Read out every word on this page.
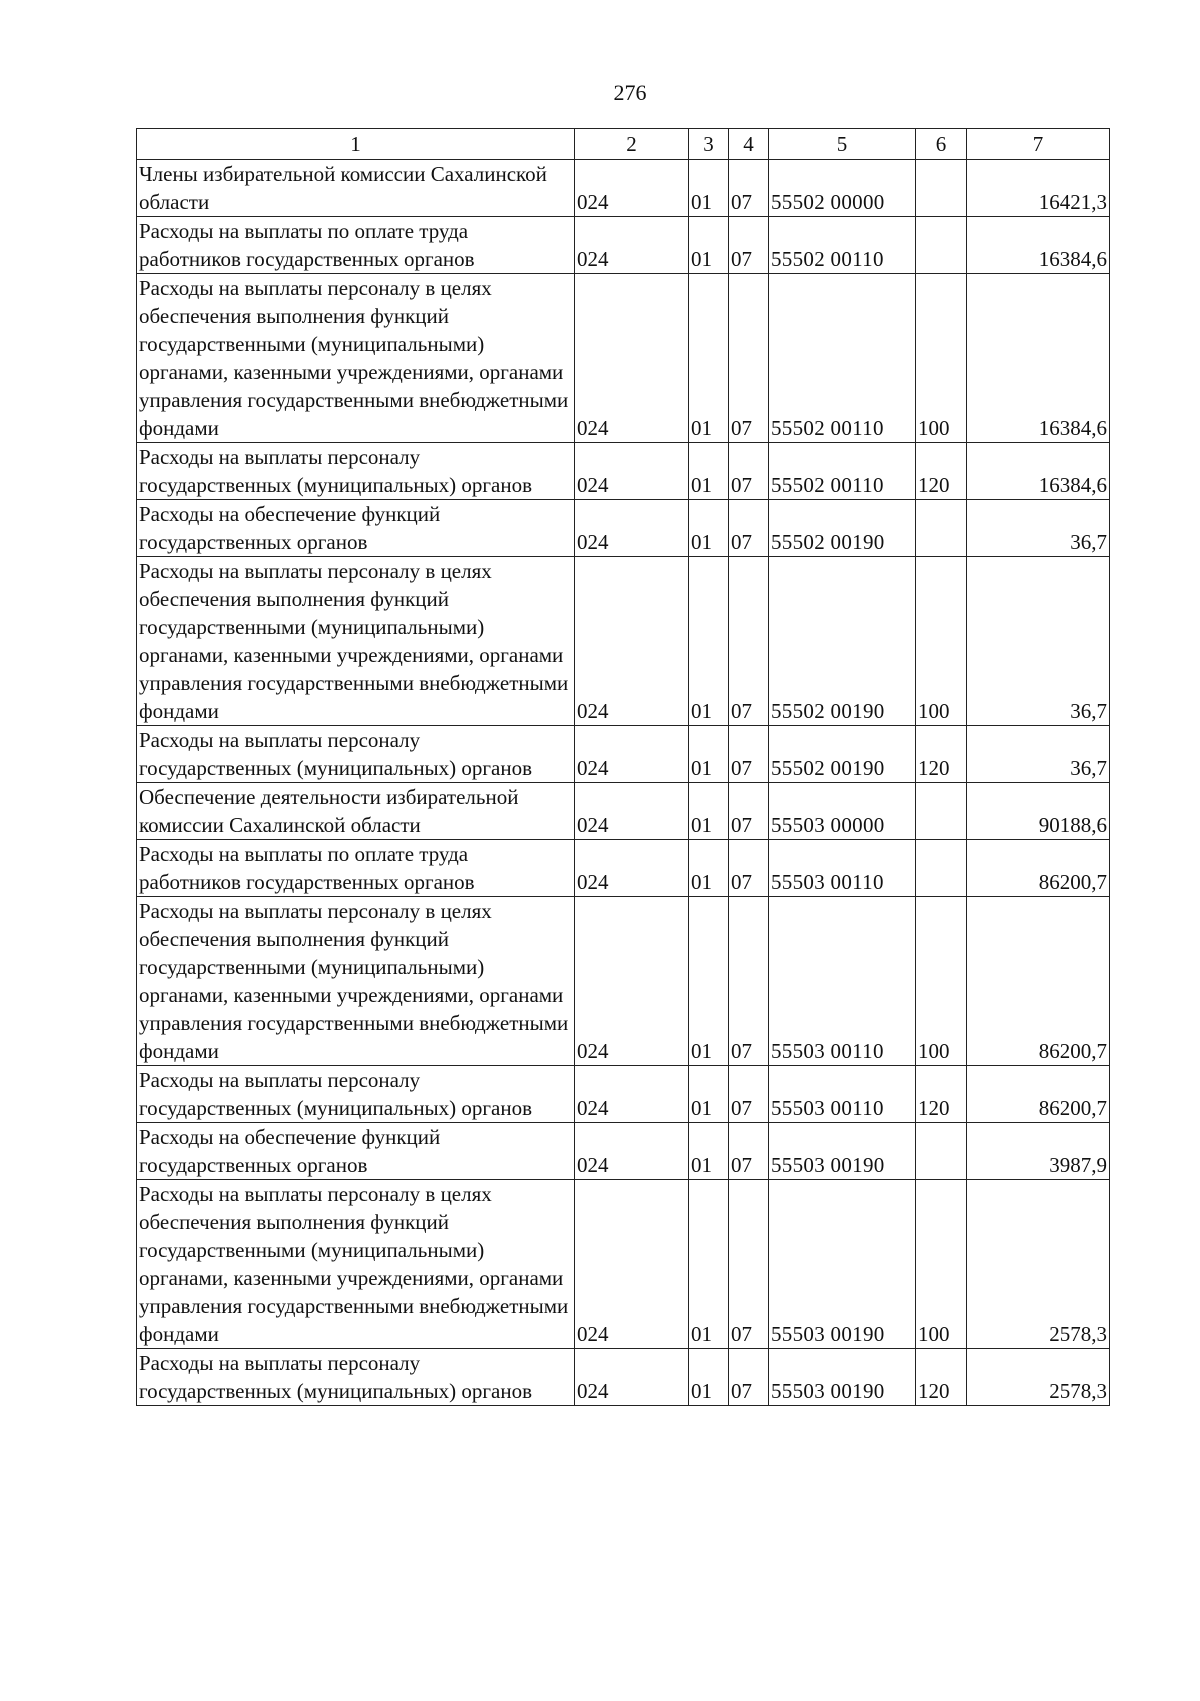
276
1	2	3	4	5	6	7
Члены избирательной комиссии Сахалинской области	024	01	07	55502 00000		16421,3
Расходы на выплаты по оплате труда работников государственных органов	024	01	07	55502 00110		16384,6
Расходы на выплаты персоналу в целях обеспечения выполнения функций государственными (муниципальными) органами, казенными учреждениями, органами управления государственными внебюджетными фондами	024	01	07	55502 00110	100	16384,6
Расходы на выплаты персоналу государственных (муниципальных) органов	024	01	07	55502 00110	120	16384,6
Расходы на обеспечение функций государственных органов	024	01	07	55502 00190		36,7
Расходы на выплаты персоналу в целях обеспечения выполнения функций государственными (муниципальными) органами, казенными учреждениями, органами управления государственными внебюджетными фондами	024	01	07	55502 00190	100	36,7
Расходы на выплаты персоналу государственных (муниципальных) органов	024	01	07	55502 00190	120	36,7
Обеспечение деятельности избирательной комиссии Сахалинской области	024	01	07	55503 00000		90188,6
Расходы на выплаты по оплате труда работников государственных органов	024	01	07	55503 00110		86200,7
Расходы на выплаты персоналу в целях обеспечения выполнения функций государственными (муниципальными) органами, казенными учреждениями, органами управления государственными внебюджетными фондами	024	01	07	55503 00110	100	86200,7
Расходы на выплаты персоналу государственных (муниципальных) органов	024	01	07	55503 00110	120	86200,7
Расходы на обеспечение функций государственных органов	024	01	07	55503 00190		3987,9
Расходы на выплаты персоналу в целях обеспечения выполнения функций государственными (муниципальными) органами, казенными учреждениями, органами управления государственными внебюджетными фондами	024	01	07	55503 00190	100	2578,3
Расходы на выплаты персоналу государственных (муниципальных) органов	024	01	07	55503 00190	120	2578,3
